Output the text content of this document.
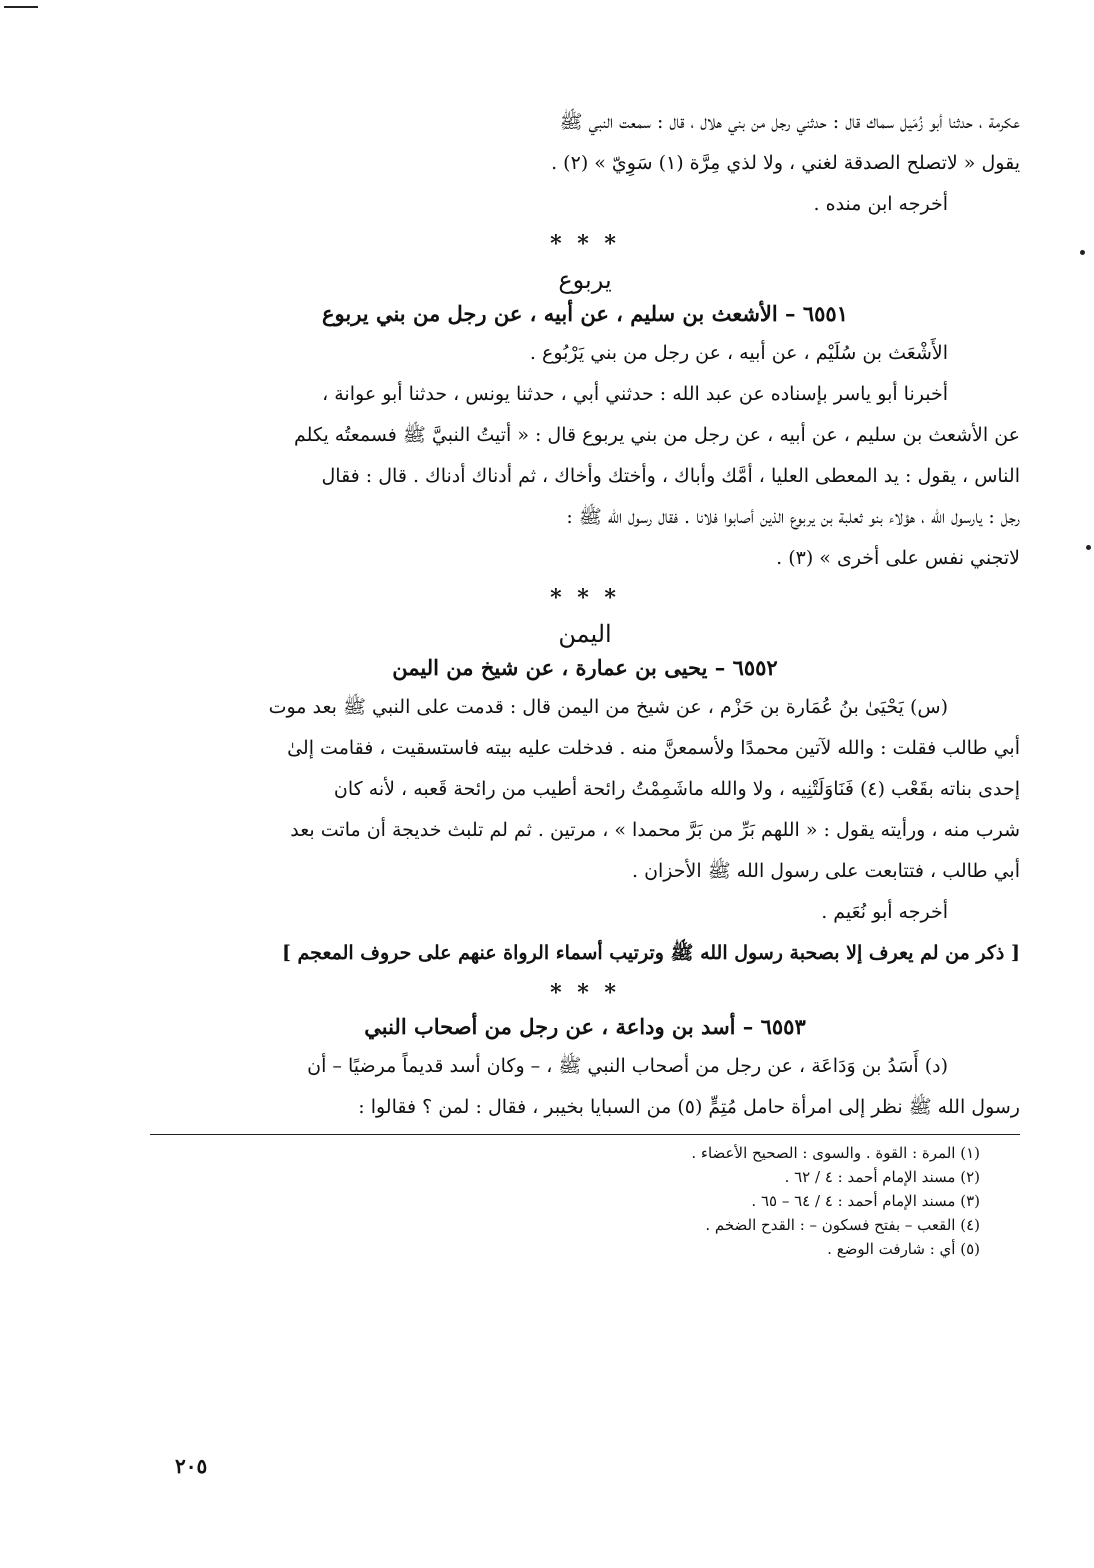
عكرمة ، حدثنا أبو زُمَيل سماك قال : حدثني رجل من بني هلال ، قال : سمعت النبي ﷺ
يقول « لاتصلح الصدقة لغني ، ولا لذي مِرَّة (١) سَوِيّ » (٢) .
أخرجه ابن منده .
* * *
يربوع
٦٥٥١ – الأشعث بن سليم ، عن أبيه ، عن رجل من بني يربوع
الأَشْعَث بن سُلَيْم ، عن أبيه ، عن رجل من بني يَرْبُوع .
أخبرنا أبو ياسر بإسناده عن عبد الله : حدثني أبي ، حدثنا يونس ، حدثنا أبو عوانة ،
عن الأشعث بن سليم ، عن أبيه ، عن رجل من بني يربوع قال : « أتيتُ النبيَّ ﷺ فسمعتُه يكلم
الناس ، يقول : يد المعطى العليا ، أمَّك وأباك ، وأختك وأخاك ، ثم أدناك أدناك . قال : فقال
رجل : يارسول الله ، هؤلاء بنو ثعلبة بن يربوع الذين أصابوا فلانا . فقال رسول الله ﷺ :
لاتجني نفس على أخرى » (٣) .
* * *
اليمن
٦٥٥٢ – يحيى بن عمارة ، عن شيخ من اليمن
(س) يَحْيَىٰ بنُ عُمَارة بن حَزْم ، عن شيخ من اليمن قال : قدمت على النبي ﷺ بعد موت
أبي طالب فقلت : والله لآتين محمدًا ولأسمعنَّ منه . فدخلت عليه بيته فاستسقيت ، فقامت إلىٰ
إحدى بناته بقَعْب (٤) فَنَاوَلَتْنِيه ، ولا والله ماشَمِمْتُ رائحة أطيب من رائحة قَعبه ، لأنه كان
شرب منه ، ورأيته يقول : « اللهم بَرِّ من بَرَّ محمدا » ، مرتين . ثم لم تلبث خديجة أن ماتت بعد
أبي طالب ، فتتابعت على رسول الله ﷺ الأحزان .
أخرجه أبو نُعَيم .
[ ذكر من لم يعرف إلا بصحبة رسول الله ﷺ وترتيب أسماء الرواة عنهم على حروف المعجم ]
* * *
٦٥٥٣ – أسد بن وداعة ، عن رجل من أصحاب النبي
(د) أَسَدُ بن وَدَاعَة ، عن رجل من أصحاب النبي ﷺ ، – وكان أسد قديماً مرضيًا – أن
رسول الله ﷺ نظر إلى امرأة حامل مُتِمٍّ (٥) من السبايا بخيبر ، فقال : لمن ؟ فقالوا :
(١) المرة : القوة . والسوى : الصحيح الأعضاء .
(٢) مسند الإمام أحمد : ٤ / ٦٢ .
(٣) مسند الإمام أحمد : ٤ / ٦٤ – ٦٥ .
(٤) القعب – بفتح فسكون – : القدح الضخم .
(٥) أي : شارفت الوضع .
٢٠٥
